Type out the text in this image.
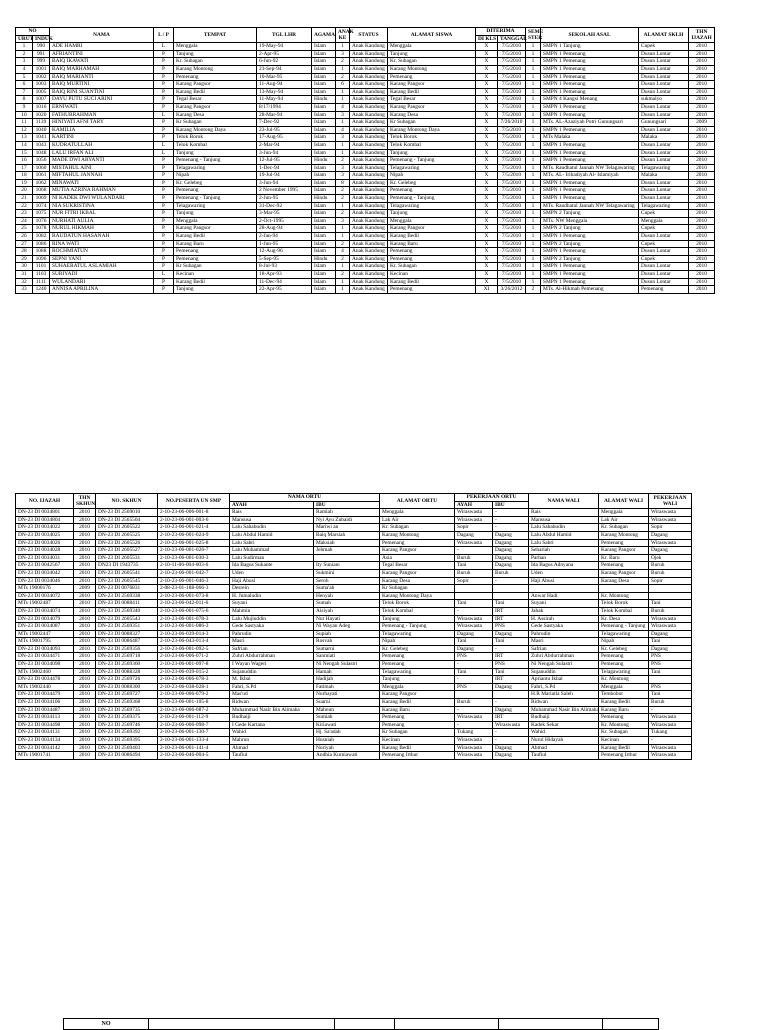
NO		NAMA	L / P	TEMPAT	TGL LHR	AGAMA	ANAK KE	STATUS	ALAMAT SISWA	DITERIMA		SEME STER	SEKOLAH ASAL	ALAMAT SKLH	THN IJAZAH
URUT	INDUK									DI KLS	TANGGAL				
1	990	ADE HAMRI	L	Menggala	19-May-94	Islam	1	Anak Kandung	Menggala	X	7/5/2010	1	SMPN 1 Tanjung	Cupek	2010
2	991	AFRIANTINI	P	Tanjung	2-Apr-95	Islam	3	Anak Kandung	Tanjung	X	7/5/2010	1	SMPN 1 Pemenang	Dusun Lontar	2010
3	999	BAIQ IKAWATI	P	Kr. Subagan	6-Jun-92	Islam	2	Anak Kandung	Kr. Subagan	X	7/5/2010	1	SMPN 1 Pemenang	Dusun Lontar	2010
4	1001	BAIQ MARHAMAH	P	Karang Montong	23-Sep-94	Islam	1	Anak Kandung	Karang Montong	X	7/5/2010	1	SMPN 1 Pemenang	Dusun Lontar	2010
5	1002	BAIQ MARIANTI	P	Pemenang	10-Mar-95	Islam	2	Anak Kandung	Pemenang	X	7/5/2010	1	SMPN 1 Pemenang	Dusun Lontar	2010
6	1003	BAIQ MURTINI	P	Karang Pangsor	11-Aug-94	Islam	6	Anak Kandung	Karang Pangsor	X	7/5/2010	1	SMPN 1 Pemenang	Dusun Lontar	2010
7	1005	BAIQ RINI SUANTINI	P	Karang Bedil	13-May-94	Islam	1	Anak Kandung	Karang Bedil	X	7/5/2010	1	SMPN 1 Pemenang	Dusun Lontar	2010
8	1007	DAYU PUTU SUCI ARINI	P	Tegal Besar	11-May-94	Hindu	1	Anak Kandung	Tegal Besar	X	7/5/2010	1	SMPN 4 Kangsi Menang	sukmalyo	2010
9	1016	ERNIWATI	P	Karang Pangsor	8/17/1994	Islam	4	Anak Kandung	Karang Pangsor	X	7/5/2010	1	SMPN 1 Pemenang	Dusun Lontar	2010
10	1020	FATHURRAHMAN	L	Karang Desa	28-Mar-94	Islam	3	Anak Kandung	Karang Desa	X	7/5/2010	1	SMPN 1 Pemenang	Dusun Lontar	2010
11	1139	HINIYATI AFNI TARY	P	Kr Subagan	7-Dec-92	Islam	1	Anak Kandung	Kr Subagan	X	7/26/2010	1	MTs. AL-Azaziyah Putri Gunungsari	Gunungsari	2009
12	1040	KAMILIA	P	Karang Montong Daya	23-Jul-95	Islam	4	Anak Kandung	Karang Montong Daya	X	7/5/2010	1	SMPN 1 Pemenang	Dusun Lontar	2010
13	1041	KARTINI	P	Telok Borok	17-Aug-95	Islam	3	Anak Kandung	Telok Borok	X	7/5/2010	1	MTs Malaka	Malaka	2010
14	1043	KUDRATULLAH	L	Telok Kombal	2-Mar-94	Islam	1	Anak Kandung	Telok Kombal	X	7/5/2010	1	SMPN 1 Pemenang	Dusun Lontar	2010
15	1048	LALU IRFAN ALI	L	Tanjung	3-Jun-94	Islam	1	Anak Kandung	Tanjung	X	7/5/2010	1	SMPN 1 Pemenang	Dusun Lontar	2010
16	1056	MADE DWI ARYANTI	P	Pemenang - Tanjung	12-Jul-95	Hindu	2	Anak Kandung	Pemenang - Tanjung	X	7/5/2010	1	SMPN 1 Pemenang	Dusun Lontar	2010
17	1060	MISTAHUL AINI	P	Telagawaring	1-Dec-94	Islam	3	Anak Kandung	Telagawaring	X	7/5/2010	1	MTs. Raudhatul Jannah NW Telagawaring	Telagawaring	2010
18	1061	MIFTAHUL JANNAH	P	Nipah	19-Jul-94	Islam	3	Anak Kandung	Nipah	X	7/5/2010	1	MTs. AL- Irihadiyah Al- Islamiyah	Malaka	2010
19	1062	MINAWATI	P	Kr. Gelebeg	3-Jun-94	Islam	8	Anak Kandung	Kr. Gelebeg	X	7/5/2010	1	SMPN 1 Pemenang	Dusun Lontar	2010
20	1068	MUTIA AZRINA RAHMAN	P	Pemenang	2 November 1995	Islam	2	Anak Kandung	Pemenang	X	7/5/2010	1	SMPN 1 Pemenang	Dusun Lontar	2010
21	1069	NI KADEK DWI WULANDARI	P	Pemenang - Tanjung	2-Jun-95	Hindu	2	Anak Kandung	Pemenang - Tanjung	X	7/5/2010	1	SMPN 1 Pemenang	Dusun Lontar	2010
22	1074	NIA SUKRISTINA	P	Telagawaring	31-Dec-92	Islam	1	Anak Kandung	Telagawaring	X	7/5/2010	1	MTs. Raudhatul Jannah NW Telagawaring	Telagawaring	2010
23	1075	NUR FITRI IKBAL	P	Tanjung	3-Mar-95	Islam	2	Anak Kandung	Tanjung	X	7/5/2010	1	SMPN 2 Tanjung	Cupek	2010
24	1076	NURHATI AULIA	P	Menggala	2-Oct-1995	Islam	3	Anak Kandung	Menggala	X	7/5/2010	1	MTs. NW Menggala	Menggala	2010
25	1078	NURUL HIKMAH	P	Karang Pangsor	28-Aug-94	Islam	1	Anak Kandung	Karang Pangsor	X	7/5/2010	1	SMPN 2 Tanjung	Cupek	2010
26	1082	RAUDATUN HASANAH	P	Karang Bedil	2-Jan-94	Islam	1	Anak Kandung	Karang Bedil	X	7/5/2010	1	SMPN 1 Pemenang	Dusun Lontar	2010
27	1086	RINA WATI	P	Karang Baru	1-Jun-95	Islam	2	Anak Kandung	Karang Baru	X	7/5/2010	1	SMPN 2 Tanjung	Cupek	2010
28	1088	ROCHMIATUN	P	Pemenang	12-Aug-96	Islam	4	Anak Kandung	Pemenang	X	7/5/2010	1	SMPN 1 Pemenang	Dusun Lontar	2010
29	1096	SEPNI YANI	P	Pemenang	5-Sep-95	Hindu	2	Anak Kandung	Pemenang	X	7/5/2010	1	SMPN 2 Tanjung	Cupek	2010
30	1101	SUHAERATUL ASLAMIAH	P	Kr Subagan	8-Jul-93	Islam	1	Anak Kandung	Kr. Subagan	X	7/5/2010	1	SMPN 1 Pemenang	Dusun Lontar	2010
31	1103	SURIYADI	L	Kecinan	18-Apr-93	Islam	2	Anak Kandung	Kecinan	X	7/5/2010	1	SMPN 1 Pemenang	Dusun Lontar	2010
32	1111	WULANDARI	P	Karang Bedil	11-Dec-94	Islam	1	Anak Kandung	Karang Bedil	X	7/5/2010	1	SMPN 1 Pemenang	Dusun Lontar	2010
33	1240	ANNISA APRILINA	P	Tanjung	22-Apr-95	Islam	1	Anak Kandung	Pemenang	XI	3/26/2012	2	MTs. Al-Hikmah Pemenang	Pemenang	2010
NO. IJAZAH	THN SKHUN	NO. SKHUN	NO.PESERTA UN SMP	NAMA ORTU		ALAMAT ORTU	PEKERJAAN ORTU		NAMA WALI	ALAMAT WALI	PEKERJAAN WALI
				AYAH	IBU		AYAH	IBU			
DN-23 DI 0034801	2010	DN-23 DI 2569010	2-10-23-06-006-001-8	Rais	Ramlah	Menggala	Wiraswasta	-	Rais	Menggala	Wiraswasta
DN-23 DI 0034804	2010	DN-23 DI 2565504	2-10-23-06-001-003-6	Mansusa	Nyi Ayu Zubaidi	Lak Air	Wiraswasta	-	Mansusa	Lak Air	Wiraswasta
DN-23 DI 0034022	2010	DN-23 DI 2605522	2-10-23-06-001-021-4	Lalu Sahabudin	Mariwi an	Kr. Subagan	Sopir	-	Lalu Sahabudin	Kr. Subagan	Sopir
DN-23 DI 0034025	2010	DN-23 DI 2605525	2-10-23-06-001-024-9	Lalu Abdul Hamid	Baiq Marsiah	Karang Montong	Dagang	Dagang	Lalu Abdul Hamid	Karang Montong	Dagang
DN-23 DI 0034026	2010	DN-23 DI 2605526	2-10-23-06-001-025-8	Lalu Sabri	Maksiah	Pemenang	Wiraswasta	Dagang	Lalu Sabri	Pemenang	Wiraswasta
DN-23 DI 0034028	2010	DN-23 DI 2605527	2-10-23-06-001-026-7	Lalu Muhammad	Jehmah	Karang Pangsor	-	Dagang	Sehariah	Karang Pangsor	Dagang
DN-23 DI 0034031	2010	DN-23 DI 2605531	2-10-23-06-001-030-3	Lalu Sudirman		Asia	Buruh	Dagang	Parhan	Kr. Baru	Ojek
DN-23 DI 0042567	2010	DN23 DI 1943735	2-10-11-06-004-003-6	Ida Bagus Sukante	Ity Suniani	Tegal Besar	Tani	Dagang	Ida Bagus Adnyana	Pemenang	Buruh
DN-23 DI 0034042	2010	DN-23 DI 2605541	2-10-23-06-001-042-7	Uden	Sukmini	Karang Pangsor	Buruh	Buruh	Uden	Karang Pangsor	Buruh
DN-23 DI 0034046	2010	DN-23 DI 2605545	2-10-23-06-001-046-3	Haji Abusi	Seroh	Karang Desa	Sopir	-	Haji Abusi	Karang Desa	Sopir
MTs 19000176	2009	DN-23 DI 0076831	2-08-23-01-188-066-3	Desrein	Suma'ah	Kr Subagan					
DN-23 DI 0034072	2010	DN-23 DI 2569338	2-10-23-06-001-073-8	H. Jumaludin	Henyah	Karang Montong Daya			Anwar Hadi	Kr. Montong	
MTs 19002487	2010	DN-23 DI 0088411	2-10-23-06-042-011-6	Suyani	Sumah	Telok Borok	Tani	Tani	Suyani	Telok Borok	Tani
DN-23 DI 0034074	2010	DN-23 DI 2569340	2-10-23-06-001-075-6	Mahmin	Aisiyah	Telok Kombal	-	IRT	Jahak	Telok Kombal	Buruh
DN-23 DI 0034079	2010	DN-23 DI 2605543	2-10-23-06-001-078-3	Lalu Mujiuddin	Nur Hayati	Tanjung	Wiraswasta	IRT	H. Assirah	Kr. Desa	Wiraswasta
DN-23 DI 0034087	2010	DN-23 DI 2569351	2-10-23-06-001-086-3	Gede Sastyaka	Ni Wayan Adeg	Pemenang - Tanjung	Wiraswasta	PNS	Gede Sastyaka	Pemenang - Tanjung	Wiraswasta
MTs 19002447	2010	DN-23 DI 0088327	2-10-23-06-039-014-3	Pahrudin	Supiah	Telagawaring	Dagang	Dagang	Pahrudin	Telagawaring	Dagang
MTs 19001795	2010	DN-23 DI 0086487	2-10-23-06-043-013-4	Masri	Rosvah	Nipah	Tani	Tani	Masri	Nipah	Tani
DN-23 DI 0034093	2010	DN-23 DI 2569356	2-10-23-06-001-092-5	Safrian	Sumarni	Kr. Gelebeg	Dagang	-	Safrian	Kr. Gelebeg	Dagang
DN-23 DI 0034471	2010	DN-23 DI 2569718	2-10-23-06-006-071-2	Zuhri Abdurrahman	Sanmiati	Pemenang	PNS	IRT	Zuhri Abdurrahman	Pemenang	PNS
DN-23 DI 0034098	2010	DN-23 DI 2569360	2-10-23-06-001-097-8	I Wayan Wageri	Ni Nengah Sulastri	Pemenang	-	PNS	Ni Nengah Sulastri	Pemenang	PNS
MTs 19002460	2010	DN-23 DI 0088328	2-10-23-06-039-015-2	Sujanuddin	Hamah	Telagawaring	Tani	Tani	Sujanuddin	Telagawaring	Tani
DN-23 DI 0034478	2010	DN-23 DI 2569726	2-10-23-06-006-078-3	M. Ikbal	Hadijah	Tanjung	-	IRT	Apriantu Ikbal	Kr. Montong	
MTs 19002440	2010	DN-23 DI 0088300	2-10-23-06-038-028-1	Fahri, S.Pd	Fatimah	Menggala	PNS	Dagang	Fahri, S.Pd	Menggala	PNS
DN-23 DI 0034479	2010	DN-23 DI 2569727	2-10-23-06-006-079-2	Mas'ud	Nurhayati	Karang Pangsor			H.R Mariatla Saleh	Tembobor	Tani
DN-23 DI 0034106	2010	DN-23 DI 2569368	2-10-23-06-001-105-8	Ridwan	Suarni	Karang Bedil	Buruh	-	Ridwan	Karang Bedil	Buruh
DN-23 DI 0034487	2010	DN-23 DI 2569735	2-10-23-06-006-087-2	Muhammad Nasir Bin Alimaha	Mahnun	Karang Baru	-	Dagang	Muhammad Nasir Bin Alimaha	Karang Baru	-
DN-23 DI 0034113	2010	DN-23 DI 2569375	2-10-23-06-001-112-9	Budhaiji	Sumiah	Pemenang	Wiraswasta	IRT	Budhaiji	Pemenang	Wiraswasta
DN-23 DI 0034498	2010	DN-23 DI 2569746	2-10-23-06-006-098-7	I Gede Kartana	Kiriawati	Pemenang	-	Wiraswasta	Kadek Sekar	Kr. Montong	Wiraswasta
DN-23 DI 0034131	2010	DN-23 DI 2569392	2-10-23-06-001-130-7	Wahid	Hj. Sa'adah	Kr Subagan	Tukang	-	Wahid	Kr. Subagan	Tukang
DN-23 DI 0034134	2010	DN-23 DI 2569395	2-10-23-06-001-133-4	Mahrun	Husniah	Kecinan	Wiraswasta	-	Nurul Hidayah	Kecinan	-
DN-23 DI 0034142	2010	DN-23 DI 2569403	2-10-23-06-001-141-4	Ahmad	Nuriyah	Karang Bedil	Wiraswasta	Dagang	Ahmad	Karang Bedil	Wiraswasta
MTs 19001741	2010	DN-23 DI 0086494	2-10-23-06-046-004-5	Taufiul	Andhia Kurniawati	Pemenang Irthur	Wiraswasta	Dagang	Taufiul	Pemenang Irthur	Wiraswasta
NO					
